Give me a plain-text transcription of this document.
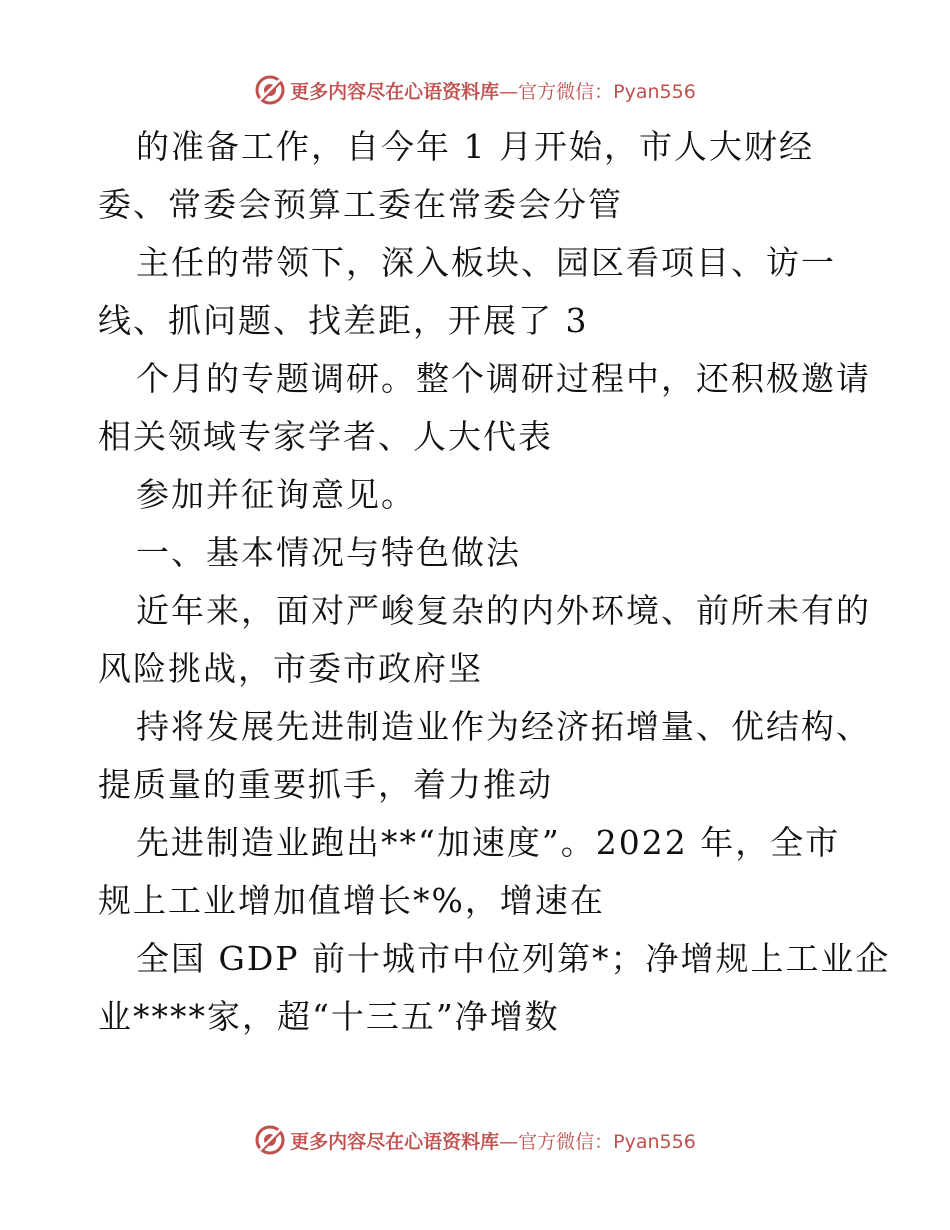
更多内容尽在心语资料库—官方微信：Pyan556
的准备工作，自今年 1 月开始，市人大财经
委、常委会预算工委在常委会分管
主任的带领下，深入板块、园区看项目、访一
线、抓问题、找差距，开展了 3
个月的专题调研。整个调研过程中，还积极邀请
相关领域专家学者、人大代表
参加并征询意见。
一、基本情况与特色做法
近年来，面对严峻复杂的内外环境、前所未有的
风险挑战，市委市政府坚
持将发展先进制造业作为经济拓增量、优结构、
提质量的重要抓手，着力推动
先进制造业跑出**“加速度”。2022 年，全市
规上工业增加值增长*%，增速在
全国 GDP 前十城市中位列第*；净增规上工业企
业****家，超“十三五”净增数
更多内容尽在心语资料库—官方微信：Pyan556
